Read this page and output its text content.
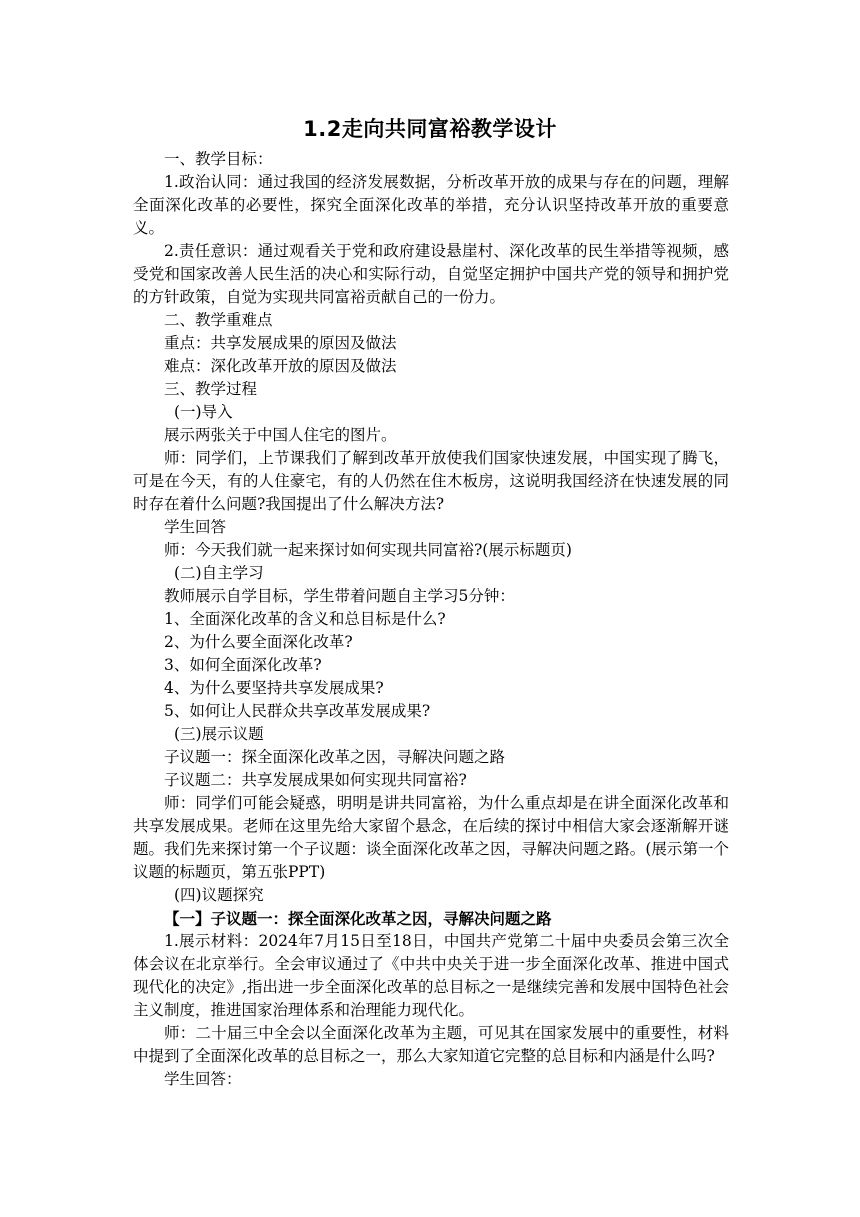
1.2走向共同富裕教学设计

一、教学目标：

1.政治认同：通过我国的经济发展数据，分析改革开放的成果与存在的问题，理解全面深化改革的必要性，探究全面深化改革的举措，充分认识坚持改革开放的重要意义。

2.责任意识：通过观看关于党和政府建设悬崖村、深化改革的民生举措等视频，感受党和国家改善人民生活的决心和实际行动，自觉坚定拥护中国共产党的领导和拥护党的方针政策，自觉为实现共同富裕贡献自己的一份力。

二、教学重难点

重点：共享发展成果的原因及做法

难点：深化改革开放的原因及做法

三、教学过程

(一)导入

展示两张关于中国人住宅的图片。

师：同学们，上节课我们了解到改革开放使我们国家快速发展，中国实现了腾飞，可是在今天，有的人住豪宅，有的人仍然在住木板房，这说明我国经济在快速发展的同时存在着什么问题?我国提出了什么解决方法?

学生回答

师：今天我们就一起来探讨如何实现共同富裕?(展示标题页)

(二)自主学习

教师展示自学目标，学生带着问题自主学习5分钟：

1、全面深化改革的含义和总目标是什么?

2、为什么要全面深化改革?

3、如何全面深化改革?

4、为什么要坚持共享发展成果?

5、如何让人民群众共享改革发展成果?

(三)展示议题

子议题一：探全面深化改革之因，寻解决问题之路

子议题二：共享发展成果如何实现共同富裕?

师：同学们可能会疑惑，明明是讲共同富裕，为什么重点却是在讲全面深化改革和共享发展成果。老师在这里先给大家留个悬念，在后续的探讨中相信大家会逐渐解开谜题。我们先来探讨第一个子议题：谈全面深化改革之因，寻解决问题之路。(展示第一个议题的标题页，第五张PPT)

(四)议题探究

【一】子议题一：探全面深化改革之因，寻解决问题之路

1.展示材料：2024年7月15日至18日，中国共产党第二十届中央委员会第三次全体会议在北京举行。全会审议通过了《中共中央关于进一步全面深化改革、推进中国式现代化的决定》,指出进一步全面深化改革的总目标之一是继续完善和发展中国特色社会主义制度，推进国家治理体系和治理能力现代化。

师：二十届三中全会以全面深化改革为主题，可见其在国家发展中的重要性，材料中提到了全面深化改革的总目标之一，那么大家知道它完整的总目标和内涵是什么吗?

学生回答：
